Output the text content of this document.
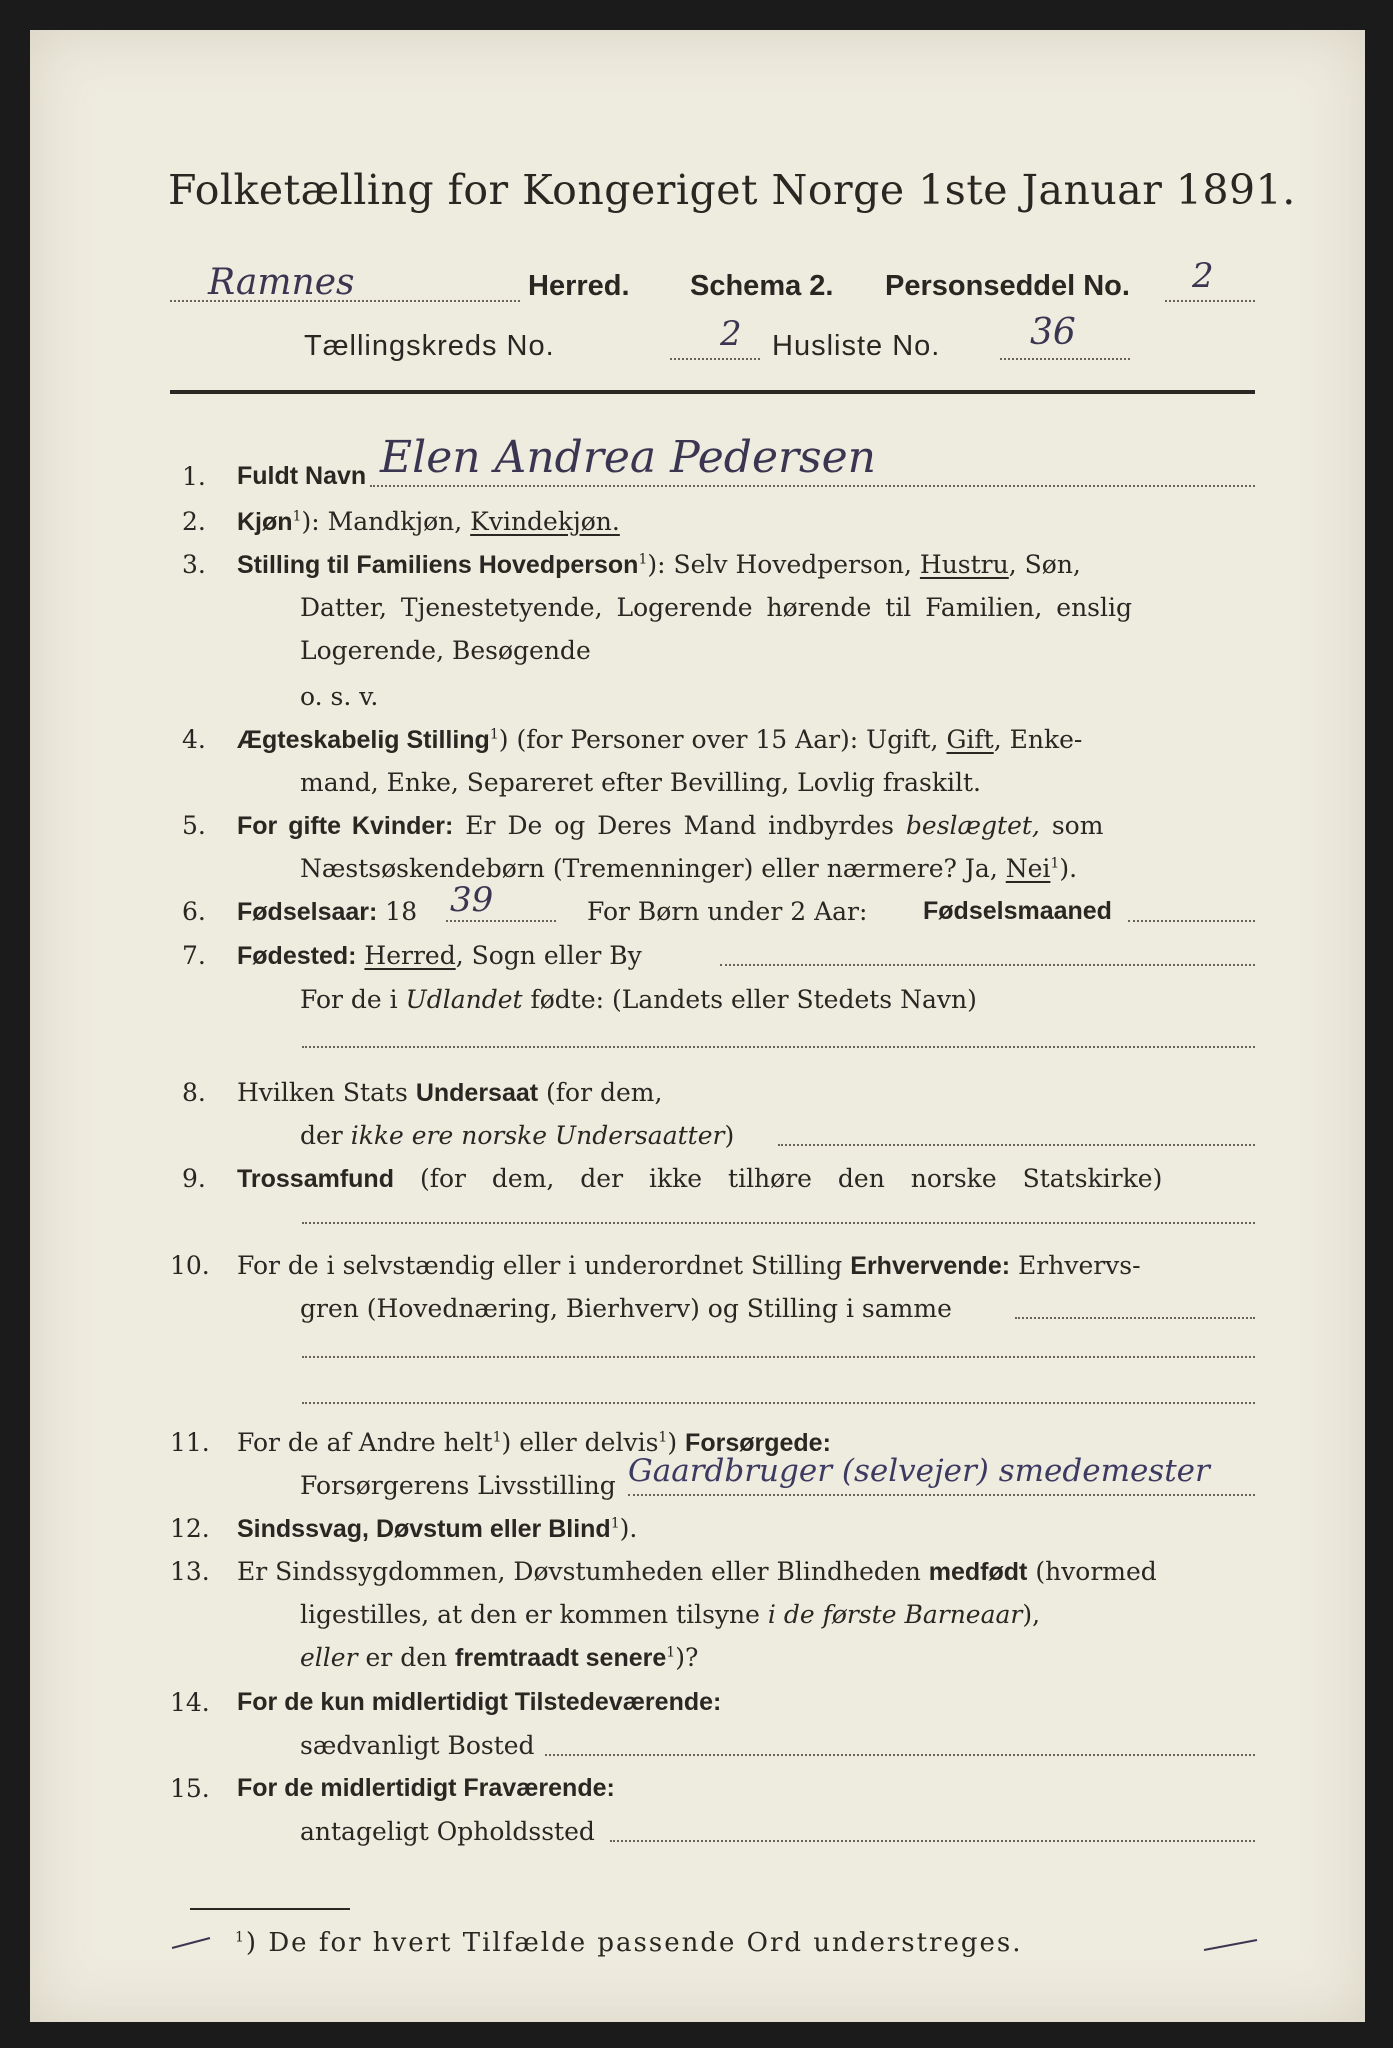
Folketælling for Kongeriget Norge 1ste Januar 1891.
Ramnes	Herred. Schema 2. Personseddel No. 2
Tællingskreds No.	2 Husliste No. 36
1. Fuldt Navn Elen Andrea Pedersen
2. Kjøn$^1$): Mandkjøn, Kvindekjøn.
3. Stilling til Familiens Hovedperson$^1$): Selv Hovedperson, Hustru, Søn,
Datter, Tjenestetyende, Logerende hørende til Familien, enslig
Logerende, Besøgende
o. s. v.
4. Ægteskabelig Stilling$^1$) (for Personer over 15 Aar): Ugift, Gift, Enke-
mand, Enke, Separeret efter Bevilling, Lovlig fraskilt.
5. For gifte Kvinder: Er De og Deres Mand indbyrdes beslægtet, som
Næstsøskendebørn (Tremenninger) eller nærmere? Ja, Nei$^1$).
6. Fødselsaar: 18 39	For Børn under 2 Aar: Fødselsmaaned
7. Fødested: Herred, Sogn eller By
For de i Udlandet fødte: (Landets eller Stedets Navn)
8. Hvilken Stats Undersaat (for dem,
der ikke ere norske Undersaatter)
9. Trossamfund (for dem, der ikke tilhøre den norske Statskirke)
10. For de i selvstændig eller i underordnet Stilling Erhvervende: Erhvervs-
gren (Hovednæring, Bierhverv) og Stilling i samme
11. For de af Andre helt$^1$) eller delvis$^1$) Forsørgede:
Forsørgerens Livsstilling Gaardbruger (selvejer) smedemester
12. Sindssvag, Døvstum eller Blind$^1$).
13. Er Sindssygdommen, Døvstumheden eller Blindheden medfødt (hvormed
ligestilles, at den er kommen tilsyne i de første Barneaar),
eller er den fremtraadt senere$^1$)?
14. For de kun midlertidigt Tilstedeværende:
sædvanligt Bosted
15. For de midlertidigt Fraværende:
antageligt Opholdssted
$^1$) De for hvert Tilfælde passende Ord understreges.
